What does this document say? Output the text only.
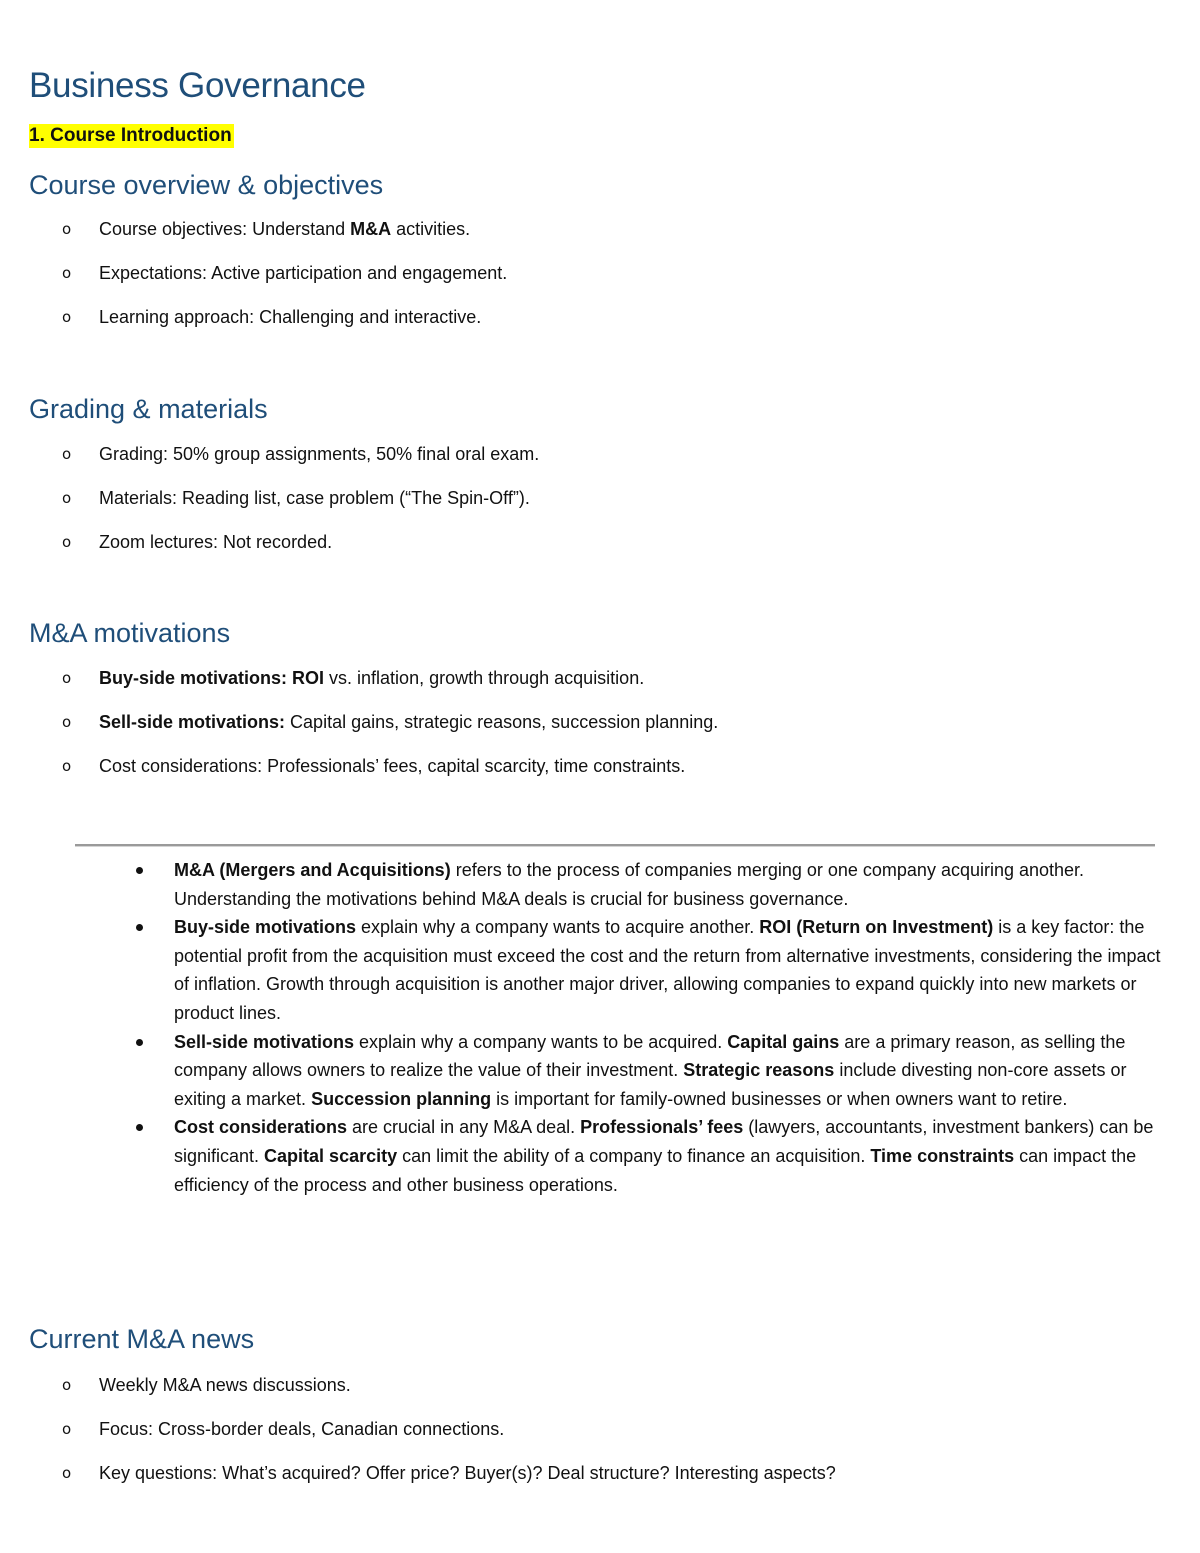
Business Governance
1. Course Introduction
Course overview & objectives
o Course objectives: Understand M&A activities.
o Expectations: Active participation and engagement.
o Learning approach: Challenging and interactive.
Grading & materials
o Grading: 50% group assignments, 50% final oral exam.
o Materials: Reading list, case problem (“The Spin-Off”).
o Zoom lectures: Not recorded.
M&A motivations
o Buy-side motivations: ROI vs. inflation, growth through acquisition.
o Sell-side motivations: Capital gains, strategic reasons, succession planning.
o Cost considerations: Professionals’ fees, capital scarcity, time constraints.
M&A (Mergers and Acquisitions) refers to the process of companies merging or one company acquiring another. Understanding the motivations behind M&A deals is crucial for business governance.
Buy-side motivations explain why a company wants to acquire another. ROI (Return on Investment) is a key factor: the potential profit from the acquisition must exceed the cost and the return from alternative investments, considering the impact of inflation. Growth through acquisition is another major driver, allowing companies to expand quickly into new markets or product lines.
Sell-side motivations explain why a company wants to be acquired. Capital gains are a primary reason, as selling the company allows owners to realize the value of their investment. Strategic reasons include divesting non-core assets or exiting a market. Succession planning is important for family-owned businesses or when owners want to retire.
Cost considerations are crucial in any M&A deal. Professionals’ fees (lawyers, accountants, investment bankers) can be significant. Capital scarcity can limit the ability of a company to finance an acquisition. Time constraints can impact the efficiency of the process and other business operations.
Current M&A news
o Weekly M&A news discussions.
o Focus: Cross-border deals, Canadian connections.
o Key questions: What’s acquired? Offer price? Buyer(s)? Deal structure? Interesting aspects?
